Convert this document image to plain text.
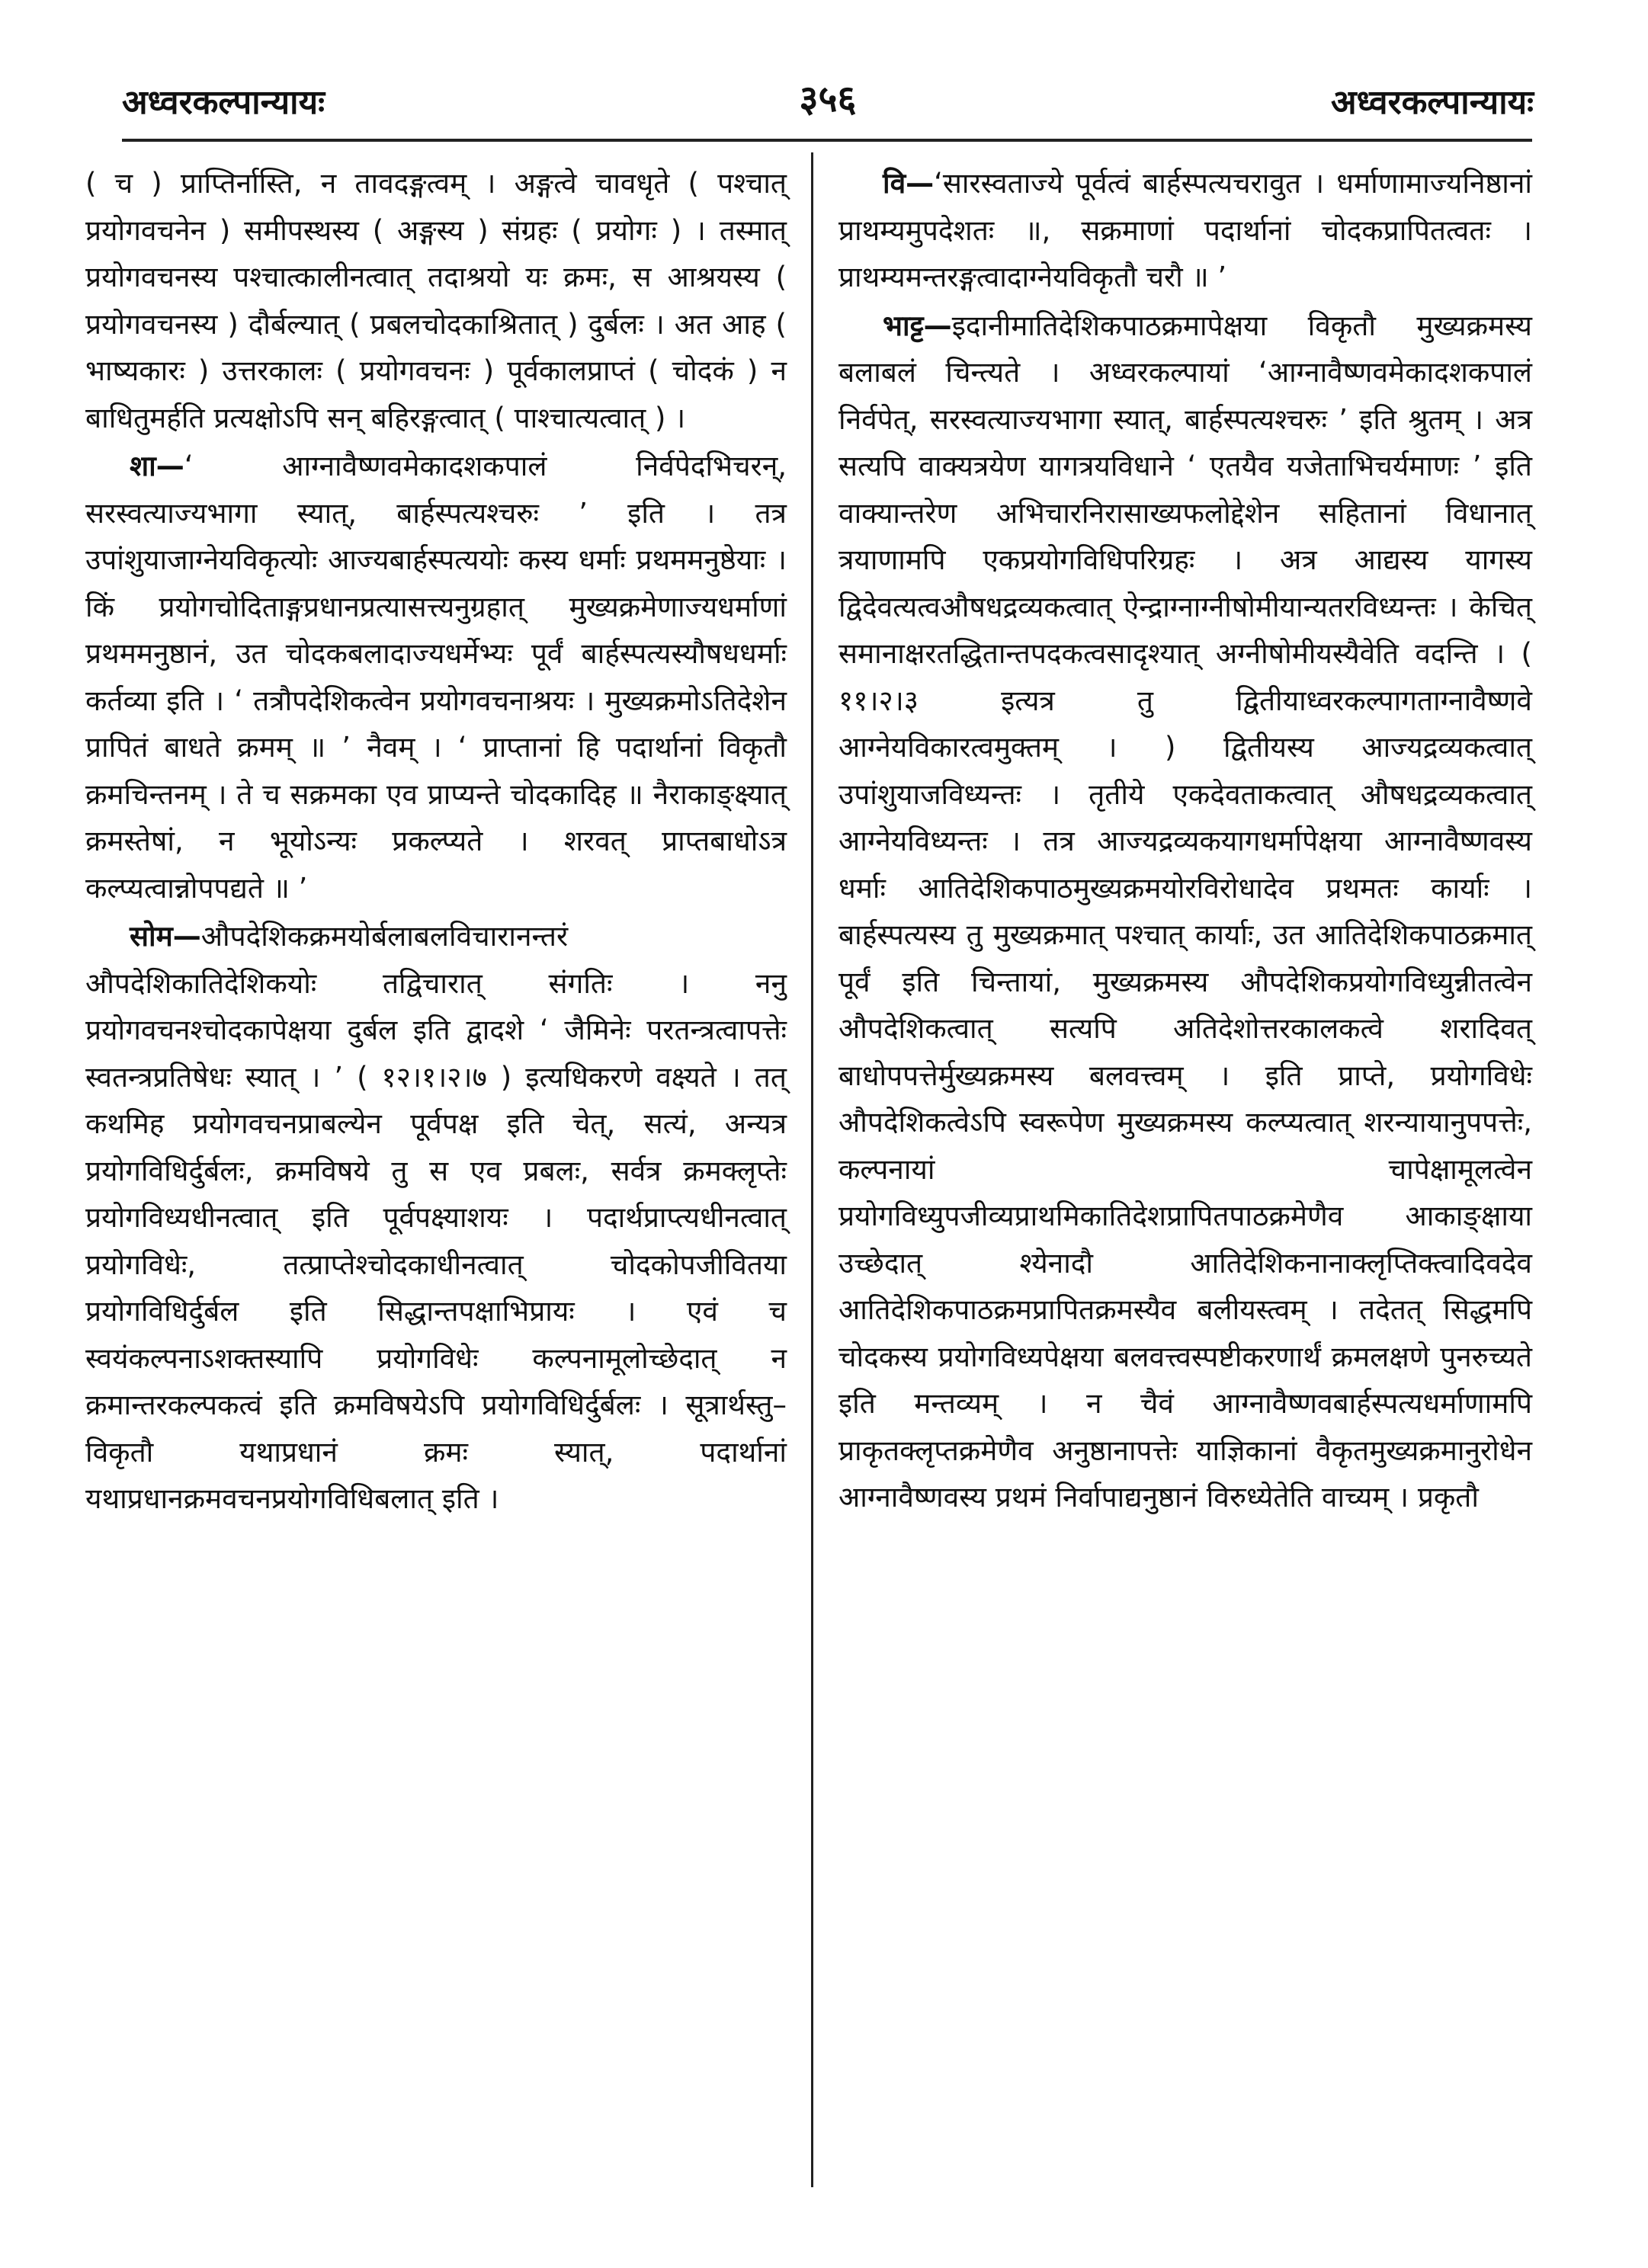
अध्वरकल्पान्यायः	३५६	अध्वरकल्पान्यायः

( च ) प्राप्तिर्नास्ति, न तावदङ्गत्वम् । अङ्गत्वे चावधृते ( पश्चात् प्रयोगवचनेन ) समीपस्थस्य ( अङ्गस्य ) संग्रहः ( प्रयोगः ) । तस्मात् प्रयोगवचनस्य पश्चात्कालीनत्वात् तदाश्रयो यः क्रमः, स आश्रयस्य ( प्रयोगवचनस्य ) दौर्बल्यात् ( प्रबलचोदकाश्रितात् ) दुर्बलः । अत आह ( भाष्यकारः ) उत्तरकालः ( प्रयोगवचनः ) पूर्वकालप्राप्तं ( चोदकं ) न बाधितुमर्हति प्रत्यक्षोऽपि सन् बहिरङ्गत्वात् ( पाश्चात्यत्वात् ) ।

शा—‘ आग्नावैष्णवमेकादशकपालं निर्वपेदभिचरन्, सरस्वत्याज्यभागा स्यात्, बार्हस्पत्यश्चरुः ’ इति । तत्र उपांशुयाजाग्नेयविकृत्योः आज्यबार्हस्पत्ययोः कस्य धर्माः प्रथममनुष्ठेयाः । किं प्रयोगचोदिताङ्गप्रधानप्रत्यासत्त्यनुग्रहात् मुख्यक्रमेणाज्यधर्माणां प्रथममनुष्ठानं, उत चोदकबलादाज्यधर्मेभ्यः पूर्वं बार्हस्पत्यस्यौषधधर्माः कर्तव्या इति । ‘ तत्रौपदेशिकत्वेन प्रयोगवचनाश्रयः । मुख्यक्रमोऽतिदेशेन प्रापितं बाधते क्रमम् ॥ ’ नैवम् । ‘ प्राप्तानां हि पदार्थानां विकृतौ क्रमचिन्तनम् । ते च सक्रमका एव प्राप्यन्ते चोदकादिह ॥ नैराकाङ्क्ष्यात् क्रमस्तेषां, न भूयोऽन्यः प्रकल्प्यते । शरवत् प्राप्तबाधोऽत्र कल्प्यत्वान्नोपपद्यते ॥ ’

सोम—औपदेशिकक्रमयोर्बलाबलविचारानन्तरं औपदेशिकातिदेशिकयोः तद्विचारात् संगतिः । ननु प्रयोगवचनश्चोदकापेक्षया दुर्बल इति द्वादशे ‘ जैमिनेः परतन्त्रत्वापत्तेः स्वतन्त्रप्रतिषेधः स्यात् । ’ ( १२।१।२।७ ) इत्यधिकरणे वक्ष्यते । तत् कथमिह प्रयोगवचनप्राबल्येन पूर्वपक्ष इति चेत्, सत्यं, अन्यत्र प्रयोगविधिर्दुर्बलः, क्रमविषये तु स एव प्रबलः, सर्वत्र क्रमक्लृप्तेः प्रयोगविध्यधीनत्वात् इति पूर्वपक्ष्याशयः । पदार्थप्राप्त्यधीनत्वात् प्रयोगविधेः, तत्प्राप्तेश्चोदकाधीनत्वात् चोदकोपजीवितया प्रयोगविधिर्दुर्बल इति सिद्धान्तपक्षाभिप्रायः । एवं च स्वयंकल्पनाऽशक्तस्यापि प्रयोगविधेः कल्पनामूलोच्छेदात् न क्रमान्तरकल्पकत्वं इति क्रमविषयेऽपि प्रयोगविधिर्दुर्बलः । सूत्रार्थस्तु–विकृतौ यथाप्रधानं क्रमः स्यात्, पदार्थानां यथाप्रधानक्रमवचनप्रयोगविधिबलात् इति ।

वि—‘सारस्वताज्ये पूर्वत्वं बार्हस्पत्यचरावुत । धर्माणामाज्यनिष्ठानां प्राथम्यमुपदेशतः ॥, सक्रमाणां पदार्थानां चोदकप्रापितत्वतः । प्राथम्यमन्तरङ्गत्वादाग्नेयविकृतौ चरौ ॥ ’

भाट्ट—इदानीमातिदेशिकपाठक्रमापेक्षया विकृतौ मुख्यक्रमस्य बलाबलं चिन्त्यते । अध्वरकल्पायां ‘आग्नावैष्णवमेकादशकपालं निर्वपेत्, सरस्वत्याज्यभागा स्यात्, बार्हस्पत्यश्चरुः ’ इति श्रुतम् । अत्र सत्यपि वाक्यत्रयेण यागत्रयविधाने ‘ एतयैव यजेताभिचर्यमाणः ’ इति वाक्यान्तरेण अभिचारनिरासाख्यफलोद्देशेन सहितानां विधानात् त्रयाणामपि एकप्रयोगविधिपरिग्रहः । अत्र आद्यस्य यागस्य द्विदेवत्यत्वऔषधद्रव्यकत्वात् ऐन्द्राग्नाग्नीषोमीयान्यतरविध्यन्तः । केचित् समानाक्षरतद्धितान्तपदकत्वसादृश्यात् अग्नीषोमीयस्यैवेति वदन्ति । ( ११।२।३ इत्यत्र तु द्वितीयाध्वरकल्पागताग्नावैष्णवे आग्नेयविकारत्वमुक्तम् । ) द्वितीयस्य आज्यद्रव्यकत्वात् उपांशुयाजविध्यन्तः । तृतीये एकदेवताकत्वात् औषधद्रव्यकत्वात् आग्नेयविध्यन्तः । तत्र आज्यद्रव्यकयागधर्मापेक्षया आग्नावैष्णवस्य धर्माः आतिदेशिकपाठमुख्यक्रमयोरविरोधादेव प्रथमतः कार्याः । बार्हस्पत्यस्य तु मुख्यक्रमात् पश्चात् कार्याः, उत आतिदेशिकपाठक्रमात् पूर्वं इति चिन्तायां, मुख्यक्रमस्य औपदेशिकप्रयोगविध्युन्नीतत्वेन औपदेशिकत्वात् सत्यपि अतिदेशोत्तरकालकत्वे शरादिवत् बाधोपपत्तेर्मुख्यक्रमस्य बलवत्त्वम् । इति प्राप्ते, प्रयोगविधेः औपदेशिकत्वेऽपि स्वरूपेण मुख्यक्रमस्य कल्प्यत्वात् शरन्यायानुपपत्तेः, कल्पनायां चापेक्षामूलत्वेन प्रयोगविध्युपजीव्यप्राथमिकातिदेशप्रापितपाठक्रमेणैव आकाङ्क्षाया उच्छेदात् श्येनादौ आतिदेशिकनानाक्लृप्तिक्त्वादिवदेव आतिदेशिकपाठक्रमप्रापितक्रमस्यैव बलीयस्त्वम् । तदेतत् सिद्धमपि चोदकस्य प्रयोगविध्यपेक्षया बलवत्त्वस्पष्टीकरणार्थं क्रमलक्षणे पुनरुच्यते इति मन्तव्यम् । न चैवं आग्नावैष्णवबार्हस्पत्यधर्माणामपि प्राकृतक्लृप्तक्रमेणैव अनुष्ठानापत्तेः याज्ञिकानां वैकृतमुख्यक्रमानुरोधेन आग्नावैष्णवस्य प्रथमं निर्वापाद्यनुष्ठानं विरुध्येतेति वाच्यम् । प्रकृतौ
